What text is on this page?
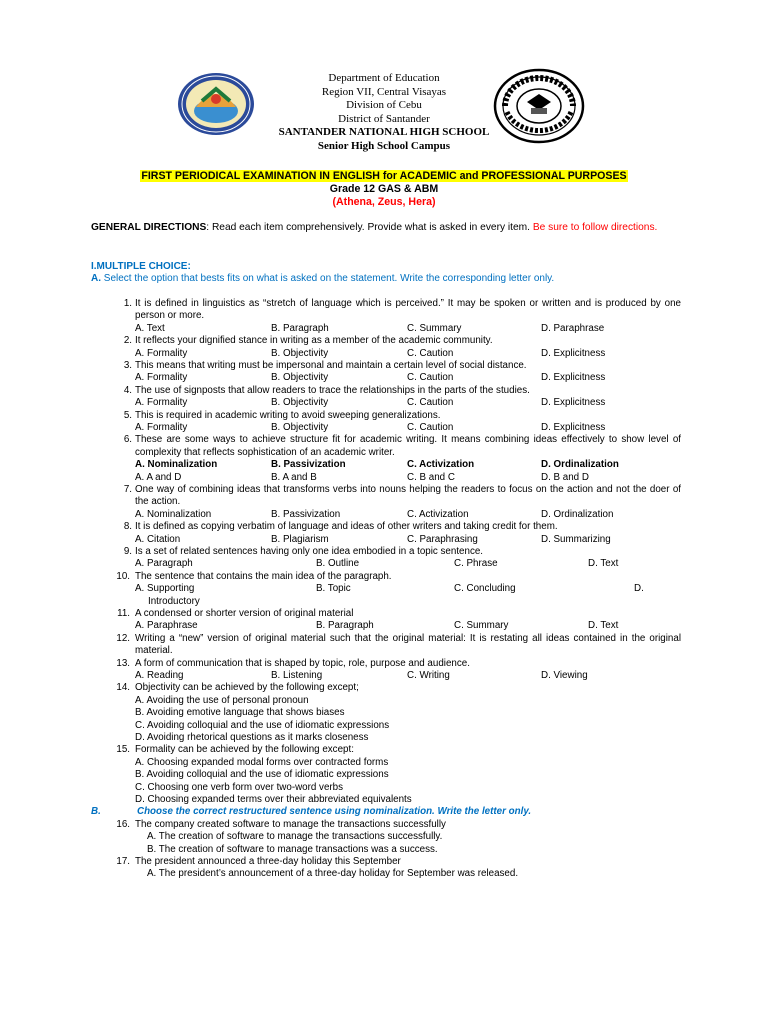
Department of Education
Region VII, Central Visayas
Division of Cebu
District of Santander
SANTANDER NATIONAL HIGH SCHOOL
Senior High School Campus
FIRST PERIODICAL EXAMINATION IN ENGLISH for ACADEMIC and PROFESSIONAL PURPOSES
Grade 12 GAS & ABM
(Athena, Zeus, Hera)
GENERAL DIRECTIONS: Read each item comprehensively. Provide what is asked in every item. Be sure to follow directions.
I.MULTIPLE CHOICE:
A. Select the option that bests fits on what is asked on the statement. Write the corresponding letter only.
1. It is defined in linguistics as “stretch of language which is perceived.” It may be spoken or written and is produced by one person or more.
A. Text	B. Paragraph	C. Summary	D. Paraphrase
2. It reflects your dignified stance in writing as a member of the academic community.
A. Formality	B. Objectivity	C. Caution	D. Explicitness
3. This means that writing must be impersonal and maintain a certain level of social distance.
A. Formality	B. Objectivity	C. Caution	D. Explicitness
4. The use of signposts that allow readers to trace the relationships in the parts of the studies.
A. Formality	B. Objectivity	C. Caution	D. Explicitness
5. This is required in academic writing to avoid sweeping generalizations.
A. Formality	B. Objectivity	C. Caution	D. Explicitness
6. These are some ways to achieve structure fit for academic writing. It means combining ideas effectively to show level of complexity that reflects sophistication of an academic writer.
A. Nominalization	B. Passivization	C. Activization	D. Ordinalization
A. A and D	B. A and B	C. B and C	D. B and D
7. One way of combining ideas that transforms verbs into nouns helping the readers to focus on the action and not the doer of the action.
A. Nominalization	B. Passivization	C. Activization	D. Ordinalization
8. It is defined as copying verbatim of language and ideas of other writers and taking credit for them.
A. Citation	B. Plagiarism	C. Paraphrasing	D. Summarizing
9. Is a set of related sentences having only one idea embodied in a topic sentence.
A. Paragraph	B. Outline	C. Phrase	D. Text
10. The sentence that contains the main idea of the paragraph.
A. Supporting	B. Topic	C. Concluding	D.
Introductory
11. A condensed or shorter version of original material
A. Paraphrase	B. Paragraph	C. Summary	D. Text
12. Writing a “new” version of original material such that the original material: It is restating all ideas contained in the original material.
13. A form of communication that is shaped by topic, role, purpose and audience.
A. Reading	B. Listening	C. Writing	D. Viewing
14. Objectivity can be achieved by the following except;
A. Avoiding the use of personal pronoun
B. Avoiding emotive language that shows biases
C. Avoiding colloquial and the use of idiomatic expressions
D. Avoiding rhetorical questions as it marks closeness
15. Formality can be achieved by the following except:
A. Choosing expanded modal forms over contracted forms
B. Avoiding colloquial and the use of idiomatic expressions
C. Choosing one verb form over two-word verbs
D. Choosing expanded terms over their abbreviated equivalents
B.	Choose the correct restructured sentence using nominalization. Write the letter only.
16. The company created software to manage the transactions successfully
A. The creation of software to manage the transactions successfully.
B. The creation of software to manage transactions was a success.
17. The president announced a three-day holiday this September
A. The president’s announcement of a three-day holiday for September was released.
